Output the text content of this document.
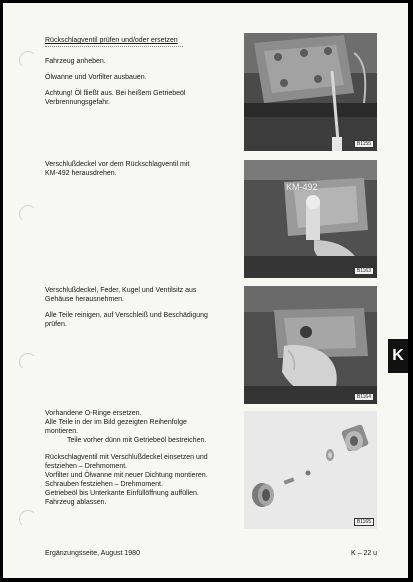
Rückschlagventil prüfen und/oder ersetzen
Fahrzeug anheben.
Ölwanne und Vorfilter ausbauen.
Achtung! Öl fließt aus. Bei heißem Getriebeöl
Verbrennungsgefahr.
Verschlußdeckel vor dem Rückschlagventil mit
KM-492 herausdrehen.
Verschlußdeckel, Feder, Kugel und Ventilsitz aus
Gehäuse herausnehmen.
Alle Teile reinigen, auf Verschleiß und Beschädigung
prüfen.
Vorhandene O-Ringe ersetzen.
Alle Teile in der im Bild gezeigten Reihenfolge
montieren.
Teile vorher dünn mit Getriebeöl bestreichen.
Rückschlagventil mit Verschlußdeckel einsetzen und
festziehen – Drehmoment.
Vorfilter und Ölwanne mit neuer Dichtung montieren.
Schrauben festziehen – Drehmoment.
Getriebeöl bis Unterkante Einfüllöffnung auffüllen.
Fahrzeug ablassen.
B1155
KM-492
B1163
B1164
B1165
K
Ergänzungsseite, August 1980	K – 22 u
